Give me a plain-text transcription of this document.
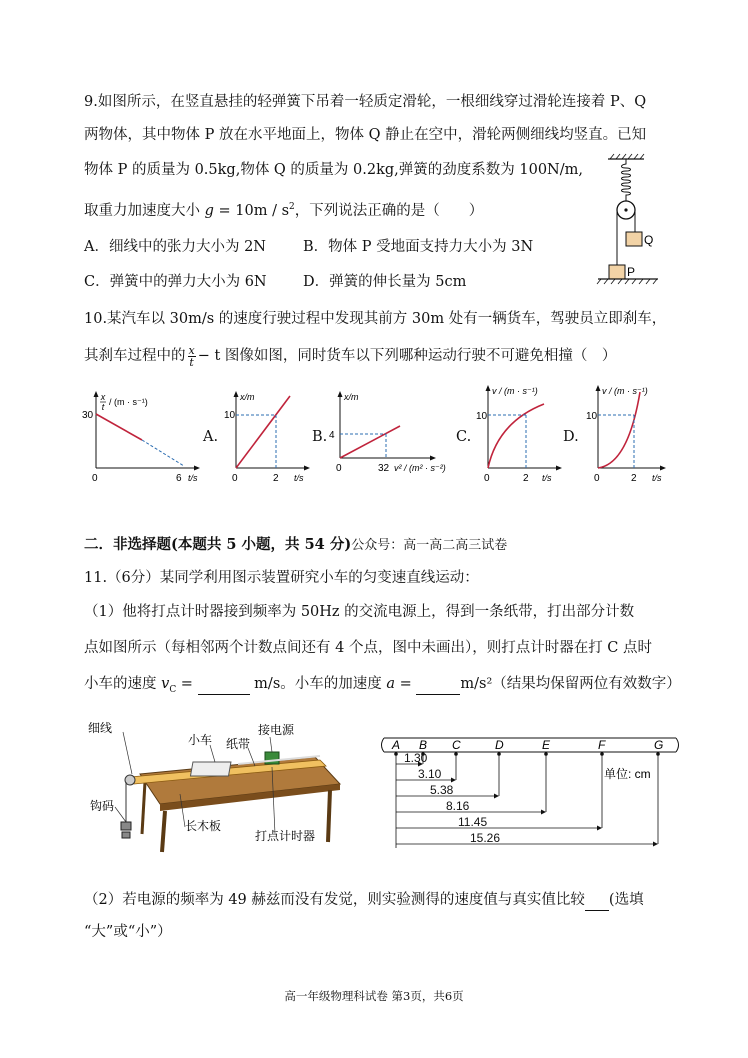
9.如图所示，在竖直悬挂的轻弹簧下吊着一轻质定滑轮，一根细线穿过滑轮连接着 P、Q
两物体，其中物体 P 放在水平地面上，物体 Q 静止在空中，滑轮两侧细线均竖直。已知
物体 P 的质量为 0.5kg,物体 Q 的质量为 0.2kg,弹簧的劲度系数为 100N/m,
取重力加速度大小 $g = 10m / s^2$，下列说法正确的是（　　）
A．细线中的张力大小为 2N	B．物体 P 受地面支持力大小为 3N
C．弹簧中的弹力大小为 6N	D．弹簧的伸长量为 5cm
Q
P
10.某汽车以 30m/s 的速度行驶过程中发现其前方 30m 处有一辆货车，驾驶员立即刹车，
其刹车过程中的 $\frac{x}{t} - t$ 图像如图，同时货车以下列哪种运动行驶不可避免相撞（　）
x
t / (m · s⁻¹)
30
0	6 t/s
A.
x/m
10
0	2 t/s
B.
x/m
4
0	32 v² / (m² · s⁻²)
C.
v / (m · s⁻¹)
10
0	2 t/s
D.
v / (m · s⁻¹)
10
0	2 t/s
二．非选择题(本题共 5 小题，共 54 分)公众号：高一高二高三试卷
11.（6分）某同学利用图示装置研究小车的匀变速直线运动：
（1）他将打点计时器接到频率为 50Hz 的交流电源上，得到一条纸带，打出部分计数
点如图所示（每相邻两个计数点间还有 4 个点，图中未画出），则打点计时器在打 C 点时
小车的速度 $v_C$ =	m/s。小车的加速度 a =	m/s²（结果均保留两位有效数字）
细线
小车 纸带
接电源
钩码
长木板
打点计时器
A B C	D	E	F	G
1.30
3.10
5.38
8.16
11.45
15.26
单位: cm
（2）若电源的频率为 49 赫兹而没有发觉，则实验测得的速度值与真实值比较 (选填
“大”或“小”）
高一年级物理科试卷 第3页，共6页
